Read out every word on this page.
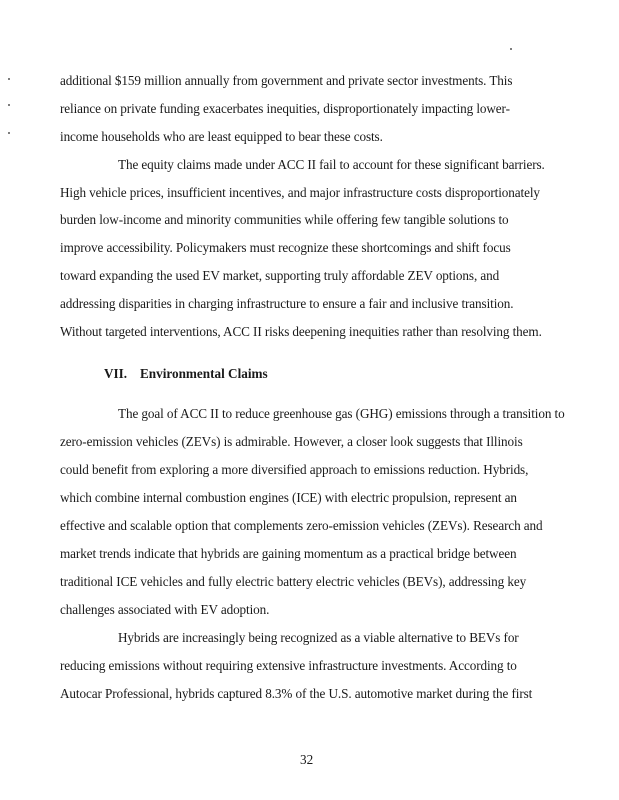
additional $159 million annually from government and private sector investments. This
reliance on private funding exacerbates inequities, disproportionately impacting lower-
income households who are least equipped to bear these costs.
The equity claims made under ACC II fail to account for these significant barriers.
High vehicle prices, insufficient incentives, and major infrastructure costs disproportionately
burden low-income and minority communities while offering few tangible solutions to
improve accessibility. Policymakers must recognize these shortcomings and shift focus
toward expanding the used EV market, supporting truly affordable ZEV options, and
addressing disparities in charging infrastructure to ensure a fair and inclusive transition.
Without targeted interventions, ACC II risks deepening inequities rather than resolving them.
VII. Environmental Claims
The goal of ACC II to reduce greenhouse gas (GHG) emissions through a transition to
zero-emission vehicles (ZEVs) is admirable. However, a closer look suggests that Illinois
could benefit from exploring a more diversified approach to emissions reduction. Hybrids,
which combine internal combustion engines (ICE) with electric propulsion, represent an
effective and scalable option that complements zero-emission vehicles (ZEVs). Research and
market trends indicate that hybrids are gaining momentum as a practical bridge between
traditional ICE vehicles and fully electric battery electric vehicles (BEVs), addressing key
challenges associated with EV adoption.
Hybrids are increasingly being recognized as a viable alternative to BEVs for
reducing emissions without requiring extensive infrastructure investments. According to
Autocar Professional, hybrids captured 8.3% of the U.S. automotive market during the first
32
